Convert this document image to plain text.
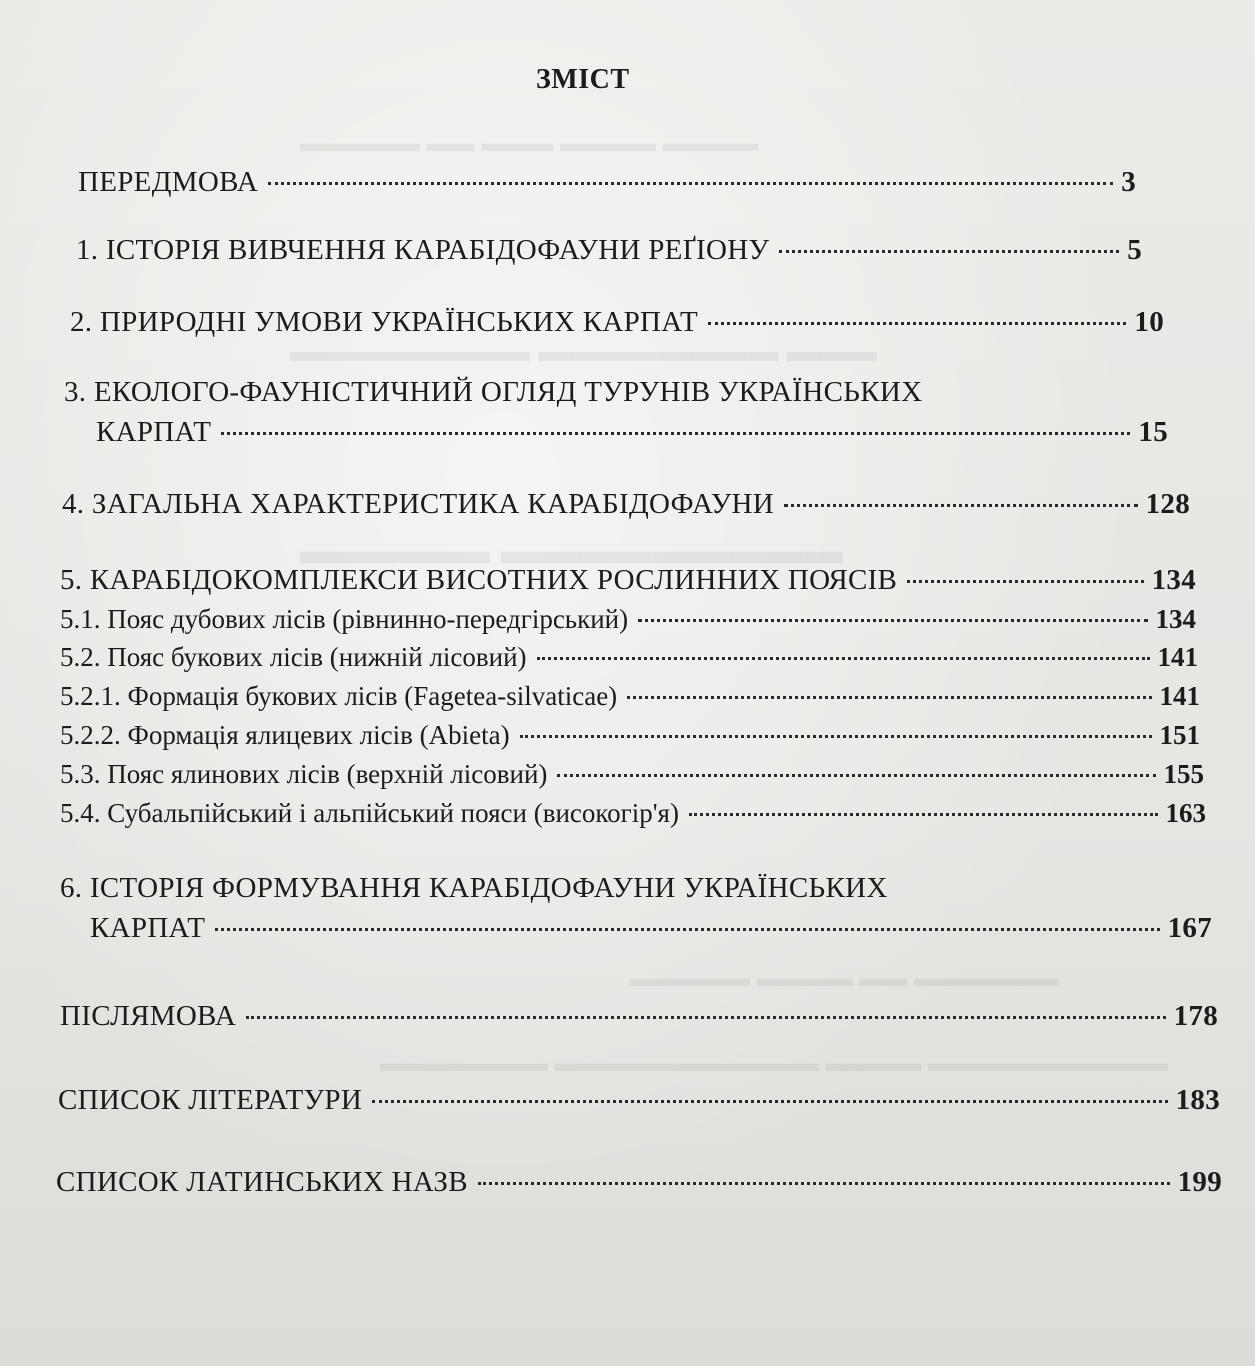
▬▬▬▬ ▬▬▬▬ ▬▬▬ ▬▬ ▬▬▬▬▬
▬▬▬ ▬▬▬▬▬▬▬▬ ▬▬▬▬▬▬▬▬
▬▬▬▬▬▬▬▬▬ ▬▬▬▬▬
▬▬▬▬▬▬ ▬▬ ▬▬▬▬ ▬▬▬▬▬
▬▬▬▬▬▬▬▬▬▬ ▬▬▬▬ ▬▬▬▬▬▬▬▬▬▬▬ ▬▬▬▬▬▬▬
ЗМІСТ
ПЕРЕДМОВА	3
1. ІСТОРІЯ ВИВЧЕННЯ КАРАБІДОФАУНИ РЕҐІОНУ	5
2. ПРИРОДНІ УМОВИ УКРАЇНСЬКИХ КАРПАТ	10
3. ЕКОЛОГО-ФАУНІСТИЧНИЙ ОГЛЯД ТУРУНІВ УКРАЇНСЬКИХ
КАРПАТ	15
4. ЗАГАЛЬНА ХАРАКТЕРИСТИКА КАРАБІДОФАУНИ	128
5. КАРАБІДОКОМПЛЕКСИ ВИСОТНИХ РОСЛИННИХ ПОЯСІВ	134
5.1. Пояс дубових лісів (рівнинно-передгірський)	134
5.2. Пояс букових лісів (нижній лісовий)	141
5.2.1. Формація букових лісів (Fagetea-silvaticae)	141
5.2.2. Формація ялицевих лісів (Abieta)	151
5.3. Пояс ялинових лісів (верхній лісовий)	155
5.4. Субальпійський і альпійський пояси (високогір'я)	163
6. ІСТОРІЯ ФОРМУВАННЯ КАРАБІДОФАУНИ УКРАЇНСЬКИХ
КАРПАТ	167
ПІСЛЯМОВА	178
СПИСОК ЛІТЕРАТУРИ	183
СПИСОК ЛАТИНСЬКИХ НАЗВ	199
